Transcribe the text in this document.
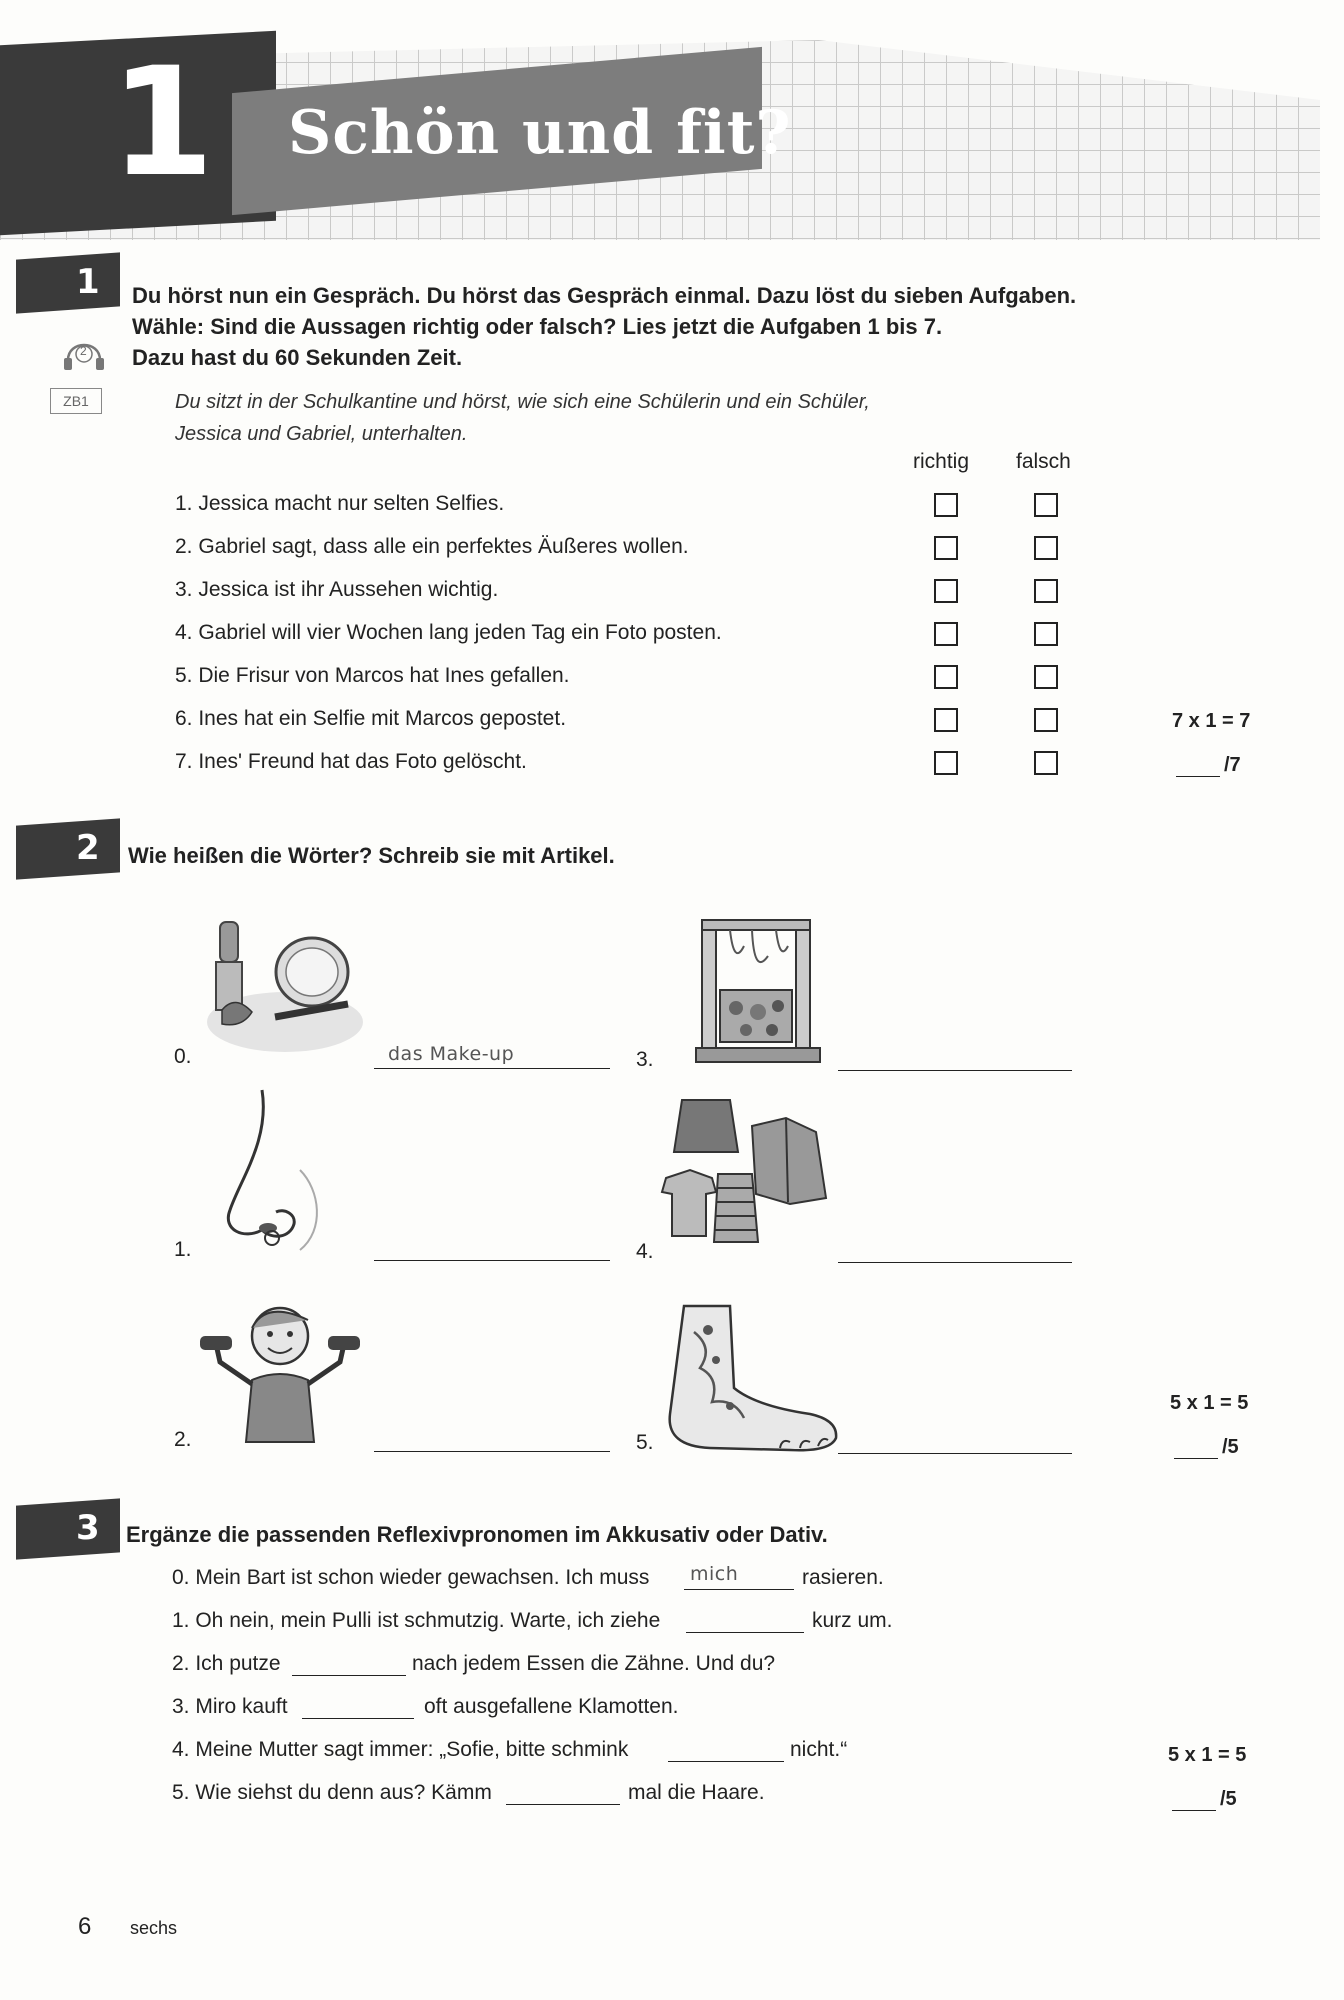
1 Schön und fit?
1 Du hörst nun ein Gespräch. Du hörst das Gespräch einmal. Dazu löst du sieben Aufgaben.
Wähle: Sind die Aussagen richtig oder falsch? Lies jetzt die Aufgaben 1 bis 7.
Dazu hast du 60 Sekunden Zeit.
2
ZB1	Du sitzt in der Schulkantine und hörst, wie sich eine Schülerin und ein Schüler,
Jessica und Gabriel, unterhalten.
richtig falsch
1. Jessica macht nur selten Selfies.
2. Gabriel sagt, dass alle ein perfektes Äußeres wollen.
3. Jessica ist ihr Aussehen wichtig.
4. Gabriel will vier Wochen lang jeden Tag ein Foto posten.
5. Die Frisur von Marcos hat Ines gefallen.
6. Ines hat ein Selfie mit Marcos gepostet.
7. Ines' Freund hat das Foto gelöscht.
7 x 1 = 7
/7
2 Wie heißen die Wörter? Schreib sie mit Artikel.
0.	das Make-up
1.
2.
3.
4.
5.
5 x 1 = 5
/5
3 Ergänze die passenden Reflexivpronomen im Akkusativ oder Dativ.
0. Mein Bart ist schon wieder gewachsen. Ich muss mich	rasieren.
1. Oh nein, mein Pulli ist schmutzig. Warte, ich ziehe	kurz um.
2. Ich putze	nach jedem Essen die Zähne. Und du?
3. Miro kauft	oft ausgefallene Klamotten.
4. Meine Mutter sagt immer: „Sofie, bitte schmink	nicht.“
5. Wie siehst du denn aus? Kämm	mal die Haare.
5 x 1 = 5
/5
6 sechs
